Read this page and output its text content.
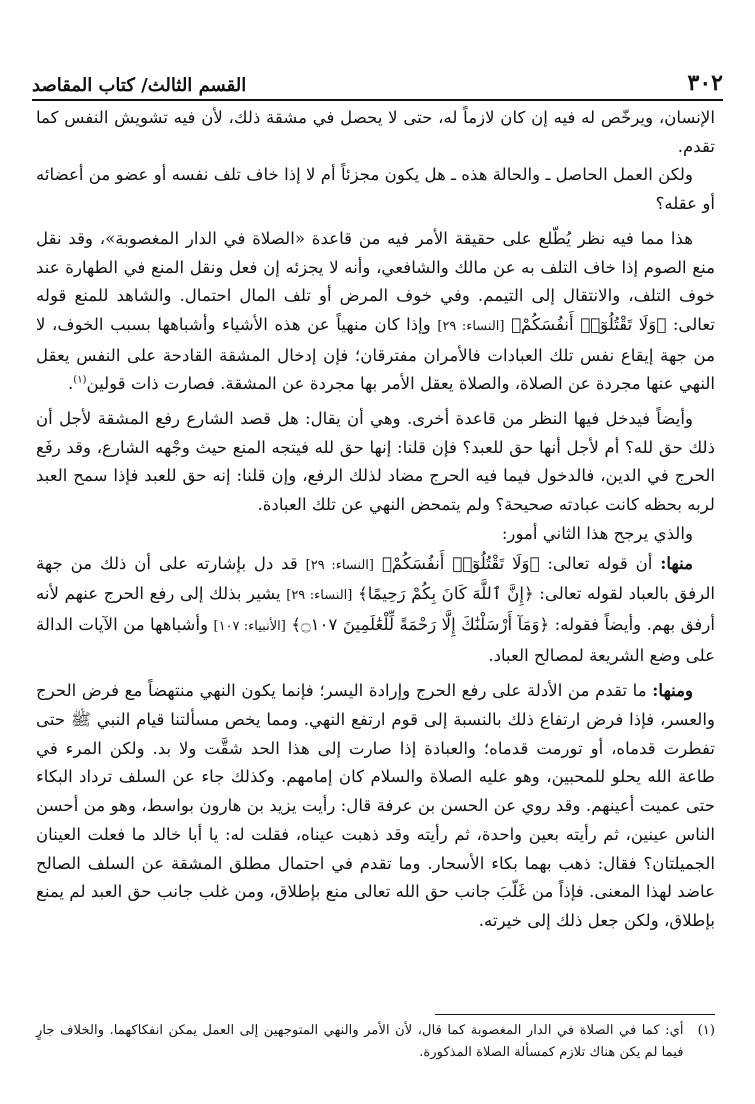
٣٠٢
القسم الثالث/ كتاب المقاصد

الإنسان، ويرخّص له فيه إن كان لازماً له، حتى لا يحصل في مشقة ذلك، لأن فيه تشويش النفس كما تقدم.

ولكن العمل الحاصل ـ والحالة هذه ـ هل يكون مجزئاً أم لا إذا خاف تلف نفسه أو عضو من أعضائه أو عقله؟

هذا مما فيه نظر يُطّلع على حقيقة الأمر فيه من قاعدة «الصلاة في الدار المغصوبة»، وقد نقل منع الصوم إذا خاف التلف به عن مالك والشافعي، وأنه لا يجزئه إن فعل ونقل المنع في الطهارة عند خوف التلف، والانتقال إلى التيمم. وفي خوف المرض أو تلف المال احتمال. والشاهد للمنع قوله تعالى: ﴿وَلَا تَقْتُلُوٓا۟ أَنفُسَكُمْ﴾ [النساء: ٢٩] وإذا كان منهياً عن هذه الأشياء وأشباهها بسبب الخوف، لا من جهة إيقاع نفس تلك العبادات فالأمران مفترقان؛ فإن إدخال المشقة القادحة على النفس يعقل النهي عنها مجردة عن الصلاة، والصلاة يعقل الأمر بها مجردة عن المشقة. فصارت ذات قولين$^{(١)}$.

وأيضاً فيدخل فيها النظر من قاعدة أخرى. وهي أن يقال: هل قصد الشارع رفع المشقة لأجل أن ذلك حق لله؟ أم لأجل أنها حق للعبد؟ فإن قلنا: إنها حق لله فيتجه المنع حيث وجْهه الشارع، وقد رفَع الحرج في الدين، فالدخول فيما فيه الحرج مضاد لذلك الرفع، وإن قلنا: إنه حق للعبد فإذا سمح العبد لربه بحظه كانت عبادته صحيحة؟ ولم يتمحض النهي عن تلك العبادة.

والذي يرجح هذا الثاني أمور:

منها: أن قوله تعالى: ﴿وَلَا تَقْتُلُوٓا۟ أَنفُسَكُمْ﴾ [النساء: ٢٩] قد دل بإشارته على أن ذلك من جهة الرفق بالعباد لقوله تعالى: ﴿إِنَّ ٱللَّهَ كَانَ بِكُمْ رَحِيمًا﴾ [النساء: ٢٩] يشير بذلك إلى رفع الحرج عنهم لأنه أرفق بهم. وأيضاً فقوله: ﴿وَمَآ أَرْسَلْنَٰكَ إِلَّا رَحْمَةً لِّلْعَٰلَمِينَ ۝١٠٧﴾ [الأنبياء: ١٠٧] وأشباهها من الآيات الدالة على وضع الشريعة لمصالح العباد.

ومنها: ما تقدم من الأدلة على رفع الحرج وإرادة اليسر؛ فإنما يكون النهي منتهضاً مع فرض الحرج والعسر، فإذا فرض ارتفاع ذلك بالنسبة إلى قوم ارتفع النهي. ومما يخص مسألتنا قيام النبي ﷺ حتى تفطرت قدماه، أو تورمت قدماه؛ والعبادة إذا صارت إلى هذا الحد شقَّت ولا بد. ولكن المرء في طاعة الله يحلو للمحبين، وهو عليه الصلاة والسلام كان إمامهم. وكذلك جاء عن السلف ترداد البكاء حتى عميت أعينهم. وقد روي عن الحسن بن عرفة قال: رأيت يزيد بن هارون بواسط، وهو من أحسن الناس عينين، ثم رأيته بعين واحدة، ثم رأيته وقد ذهبت عيناه، فقلت له: يا أبا خالد ما فعلت العينان الجميلتان؟ فقال: ذهب بهما بكاء الأسحار. وما تقدم في احتمال مطلق المشقة عن السلف الصالح عاضد لهذا المعنى. فإذاً من غَلّبَ جانب حق الله تعالى منع بإطلاق، ومن غلب جانب حق العبد لم يمنع بإطلاق، ولكن جعل ذلك إلى خيرته.

(١)
أي: كما في الصلاة في الدار المغصوبة كما قال، لأن الأمر والنهي المتوجهين إلى العمل يمكن انفكاكهما. والخلاف جارٍ فيما لم يكن هناك تلازم كمسألة الصلاة المذكورة.
